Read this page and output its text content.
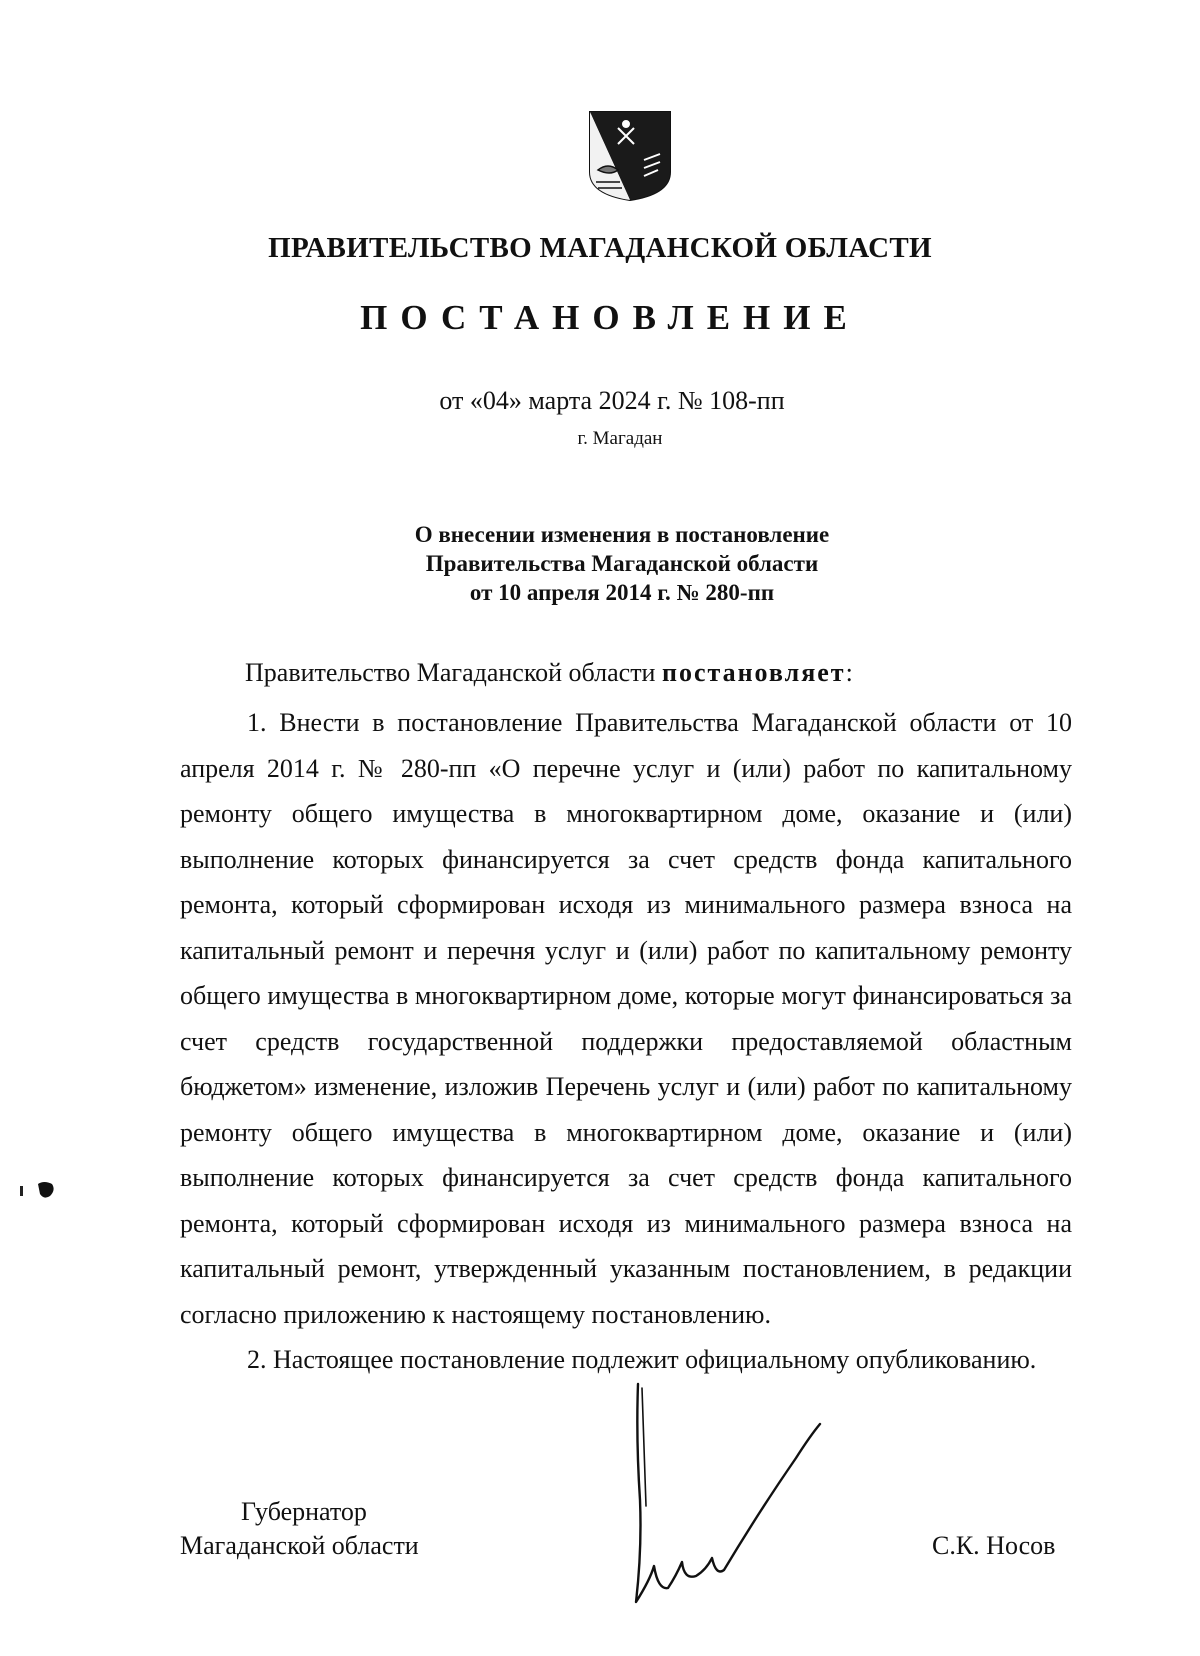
ПРАВИТЕЛЬСТВО МАГАДАНСКОЙ ОБЛАСТИ
ПОСТАНОВЛЕНИЕ
от «04» марта 2024 г. № 108-пп
г. Магадан
О внесении изменения в постановление
Правительства Магаданской области
от 10 апреля 2014 г. № 280-пп
Правительство Магаданской области постановляет:

1. Внести в постановление Правительства Магаданской области от 10 апреля 2014 г. № 280-пп «О перечне услуг и (или) работ по капитальному ремонту общего имущества в многоквартирном доме, оказание и (или) выполнение которых финансируется за счет средств фонда капитального ремонта, который сформирован исходя из минимального размера взноса на капитальный ремонт и перечня услуг и (или) работ по капитальному ремонту общего имущества в многоквартирном доме, которые могут финансироваться за счет средств государственной поддержки предоставляемой областным бюджетом» изменение, изложив Перечень услуг и (или) работ по капитальному ремонту общего имущества в многоквартирном доме, оказание и (или) выполнение которых финансируется за счет средств фонда капитального ремонта, который сформирован исходя из минимального размера взноса на капитальный ремонт, утвержденный указанным постановлением, в редакции согласно приложению к настоящему постановлению.

2. Настоящее постановление подлежит официальному опубликованию.

Губернатор
Магаданской области	С.К. Носов
